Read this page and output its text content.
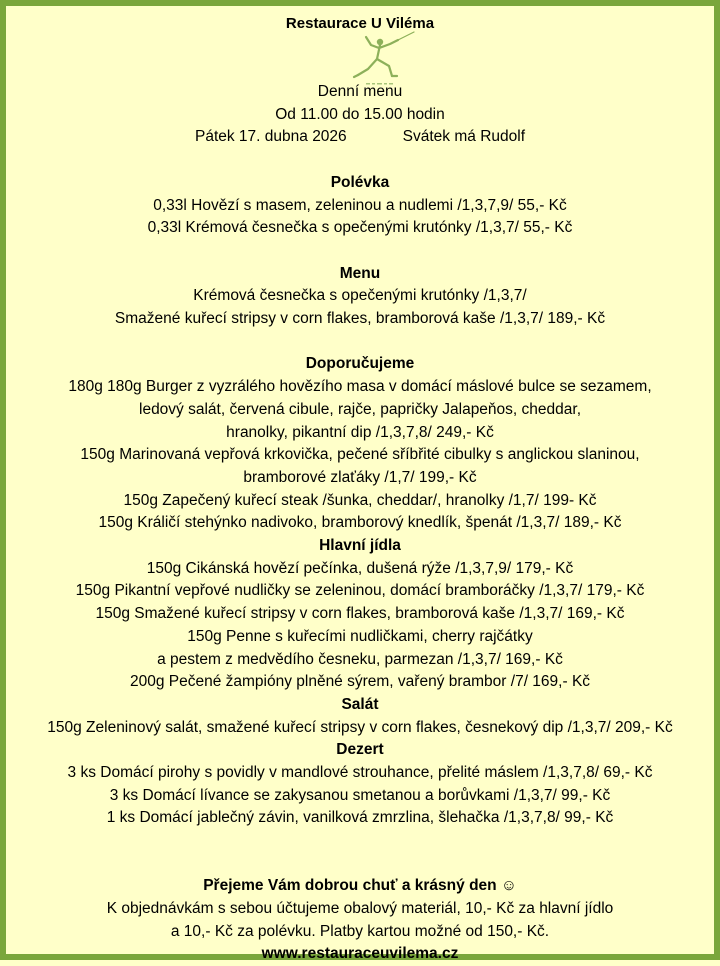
Restaurace U Viléma
Denní menu
Od 11.00 do 15.00 hodin
Pátek 17. dubna 2026	Svátek má Rudolf
Polévka
0,33l Hovězí s masem, zeleninou a nudlemi /1,3,7,9/ 55,- Kč
0,33l Krémová česnečka s opečenými krutónky /1,3,7/ 55,- Kč
Menu
Krémová česnečka s opečenými krutónky /1,3,7/
Smažené kuřecí stripsy v corn flakes, bramborová kaše /1,3,7/ 189,- Kč
Doporučujeme
180g 180g Burger z vyzrálého hovězího masa v domácí máslové bulce se sezamem,
ledový salát, červená cibule, rajče, papričky Jalapeňos, cheddar,
hranolky, pikantní dip /1,3,7,8/ 249,- Kč
150g Marinovaná vepřová krkovička, pečené sříbřité cibulky s anglickou slaninou,
bramborové zlaťáky /1,7/ 199,- Kč
150g Zapečený kuřecí steak /šunka, cheddar/, hranolky /1,7/ 199- Kč
150g Králičí stehýnko nadivoko, bramborový knedlík, špenát /1,3,7/ 189,- Kč
Hlavní jídla
150g Cikánská hovězí pečínka, dušená rýže /1,3,7,9/ 179,- Kč
150g Pikantní vepřové nudličky se zeleninou, domácí bramboráčky /1,3,7/ 179,- Kč
150g Smažené kuřecí stripsy v corn flakes, bramborová kaše /1,3,7/ 169,- Kč
150g Penne s kuřecími nudličkami, cherry rajčátky
a pestem z medvědího česneku, parmezan /1,3,7/ 169,- Kč
200g Pečené žampióny plněné sýrem, vařený brambor /7/ 169,- Kč
Salát
150g Zeleninový salát, smažené kuřecí stripsy v corn flakes, česnekový dip /1,3,7/ 209,- Kč
Dezert
3 ks Domácí pirohy s povidly v mandlové strouhance, přelité máslem /1,3,7,8/ 69,- Kč
3 ks Domácí lívance se zakysanou smetanou a borůvkami /1,3,7/ 99,- Kč
1 ks Domácí jablečný závin, vanilková zmrzlina, šlehačka /1,3,7,8/ 99,- Kč
Přejeme Vám dobrou chuť a krásný den ☺
K objednávkám s sebou účtujeme obalový materiál, 10,- Kč za hlavní jídlo
a 10,- Kč za polévku. Platby kartou možné od 150,- Kč.
www.restauraceuvilema.cz
